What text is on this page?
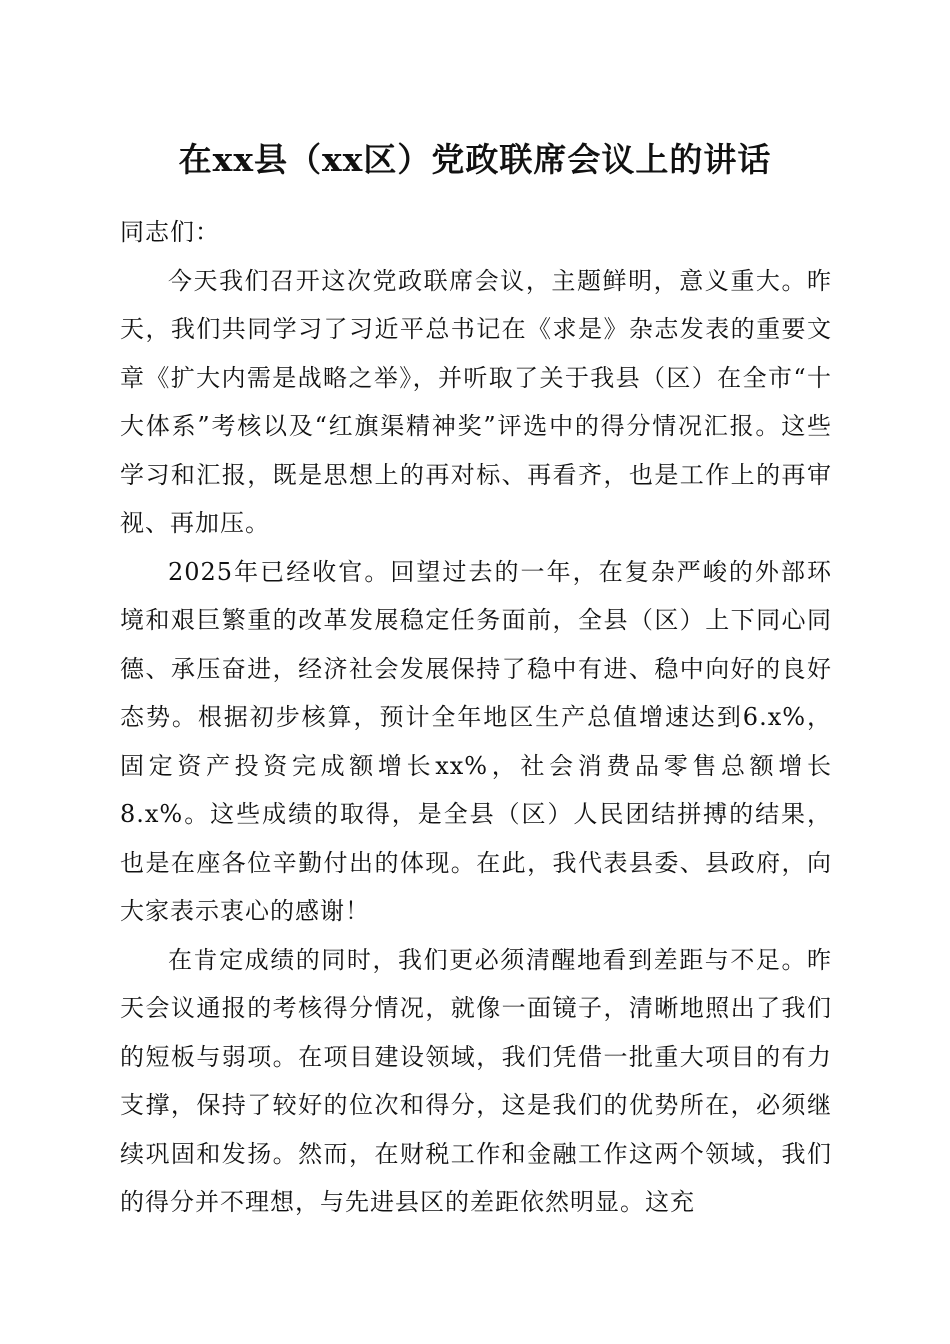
在xx县（xx区）党政联席会议上的讲话

同志们：

今天我们召开这次党政联席会议，主题鲜明，意义重大。昨天，我们共同学习了习近平总书记在《求是》杂志发表的重要文章《扩大内需是战略之举》，并听取了关于我县（区）在全市“十大体系”考核以及“红旗渠精神奖”评选中的得分情况汇报。这些学习和汇报，既是思想上的再对标、再看齐，也是工作上的再审视、再加压。

2025年已经收官。回望过去的一年，在复杂严峻的外部环境和艰巨繁重的改革发展稳定任务面前，全县（区）上下同心同德、承压奋进，经济社会发展保持了稳中有进、稳中向好的良好态势。根据初步核算，预计全年地区生产总值增速达到6.x%，固定资产投资完成额增长xx%，社会消费品零售总额增长8.x%。这些成绩的取得，是全县（区）人民团结拼搏的结果，也是在座各位辛勤付出的体现。在此，我代表县委、县政府，向大家表示衷心的感谢！

在肯定成绩的同时，我们更必须清醒地看到差距与不足。昨天会议通报的考核得分情况，就像一面镜子，清晰地照出了我们的短板与弱项。在项目建设领域，我们凭借一批重大项目的有力支撑，保持了较好的位次和得分，这是我们的优势所在，必须继续巩固和发扬。然而，在财税工作和金融工作这两个领域，我们的得分并不理想，与先进县区的差距依然明显。这充
